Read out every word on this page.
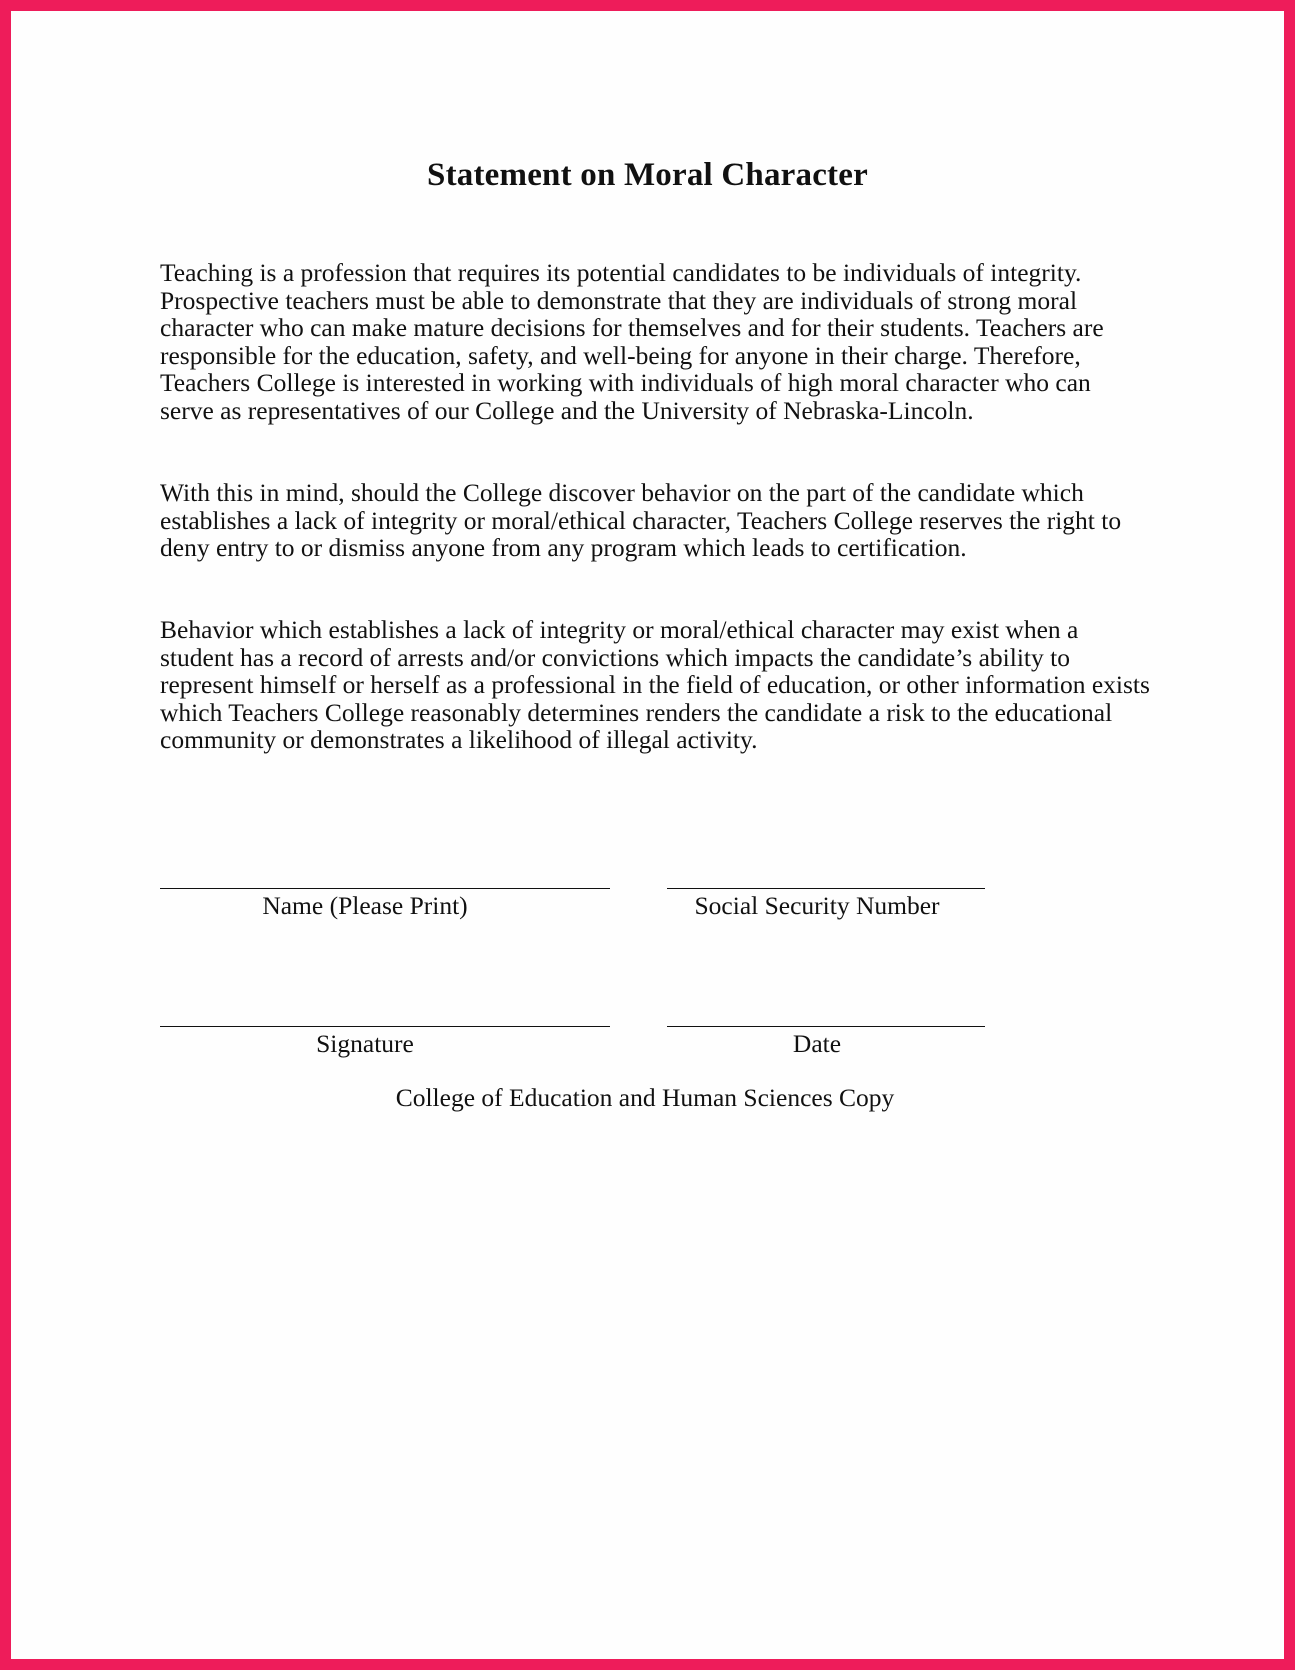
Statement on Moral Character

Teaching is a profession that requires its potential candidates to be individuals of integrity. Prospective teachers must be able to demonstrate that they are individuals of strong moral character who can make mature decisions for themselves and for their students. Teachers are responsible for the education, safety, and well-being for anyone in their charge. Therefore, Teachers College is interested in working with individuals of high moral character who can serve as representatives of our College and the University of Nebraska-Lincoln.

With this in mind, should the College discover behavior on the part of the candidate which establishes a lack of integrity or moral/ethical character, Teachers College reserves the right to deny entry to or dismiss anyone from any program which leads to certification.

Behavior which establishes a lack of integrity or moral/ethical character may exist when a student has a record of arrests and/or convictions which impacts the candidate’s ability to represent himself or herself as a professional in the field of education, or other information exists which Teachers College reasonably determines renders the candidate a risk to the educational community or demonstrates a likelihood of illegal activity.

Name (Please Print)	Social Security Number
Signature	Date
College of Education and Human Sciences Copy
